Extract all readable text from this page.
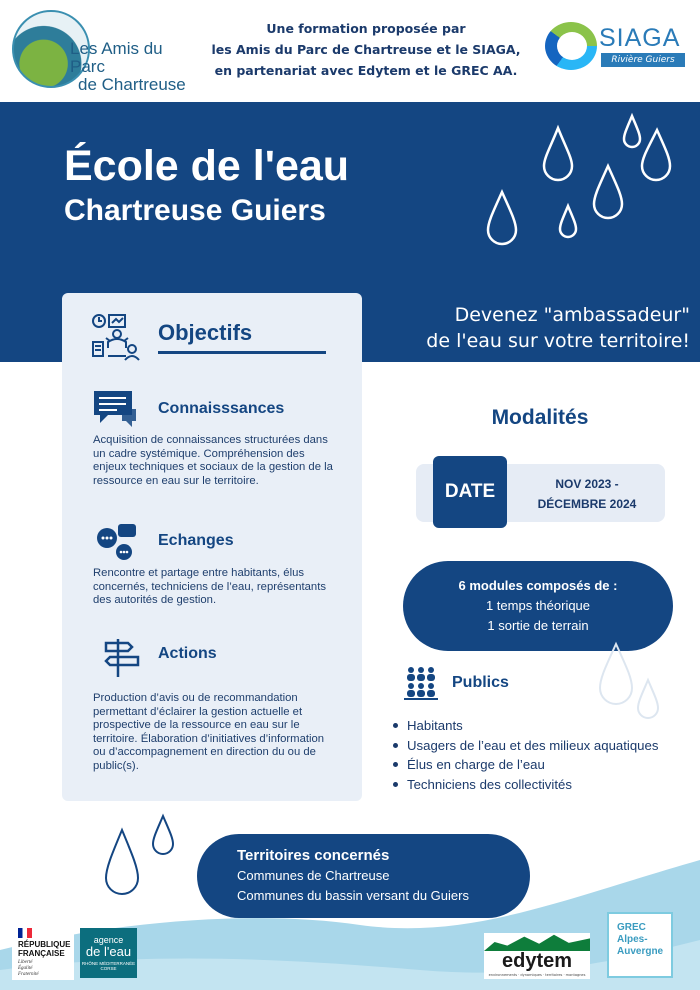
Les Amis du Parc
de Chartreuse
Une formation proposée par
les Amis du Parc de Chartreuse et le SIAGA,
en partenariat avec Edytem et le GREC AA.
SIAGA
Rivière Guiers
École de l'eau
Chartreuse Guiers
Devenez "ambassadeur"
de l'eau sur votre territoire!
Objectifs
Connaisssances
Acquisition de connaissances structurées dans un cadre systémique. Compréhension des enjeux techniques et sociaux de la gestion de la ressource en eau sur le territoire.
Echanges
Rencontre et partage entre habitants, élus concernés, techniciens de l’eau, représentants des autorités de gestion.
Actions
Production d’avis ou de recommandation permettant d’éclairer la gestion actuelle et prospective de la ressource en eau sur le territoire. Élaboration d’initiatives d’information ou d’accompagnement en direction du ou de public(s).
Modalités
DATE	NOV 2023 -
DÉCEMBRE 2024
6 modules composés de :
1 temps théorique
1 sortie de terrain
Publics
Habitants
Usagers de l’eau et des milieux aquatiques
Élus en charge de l’eau
Techniciens des collectivités
Territoires concernés
Communes de Chartreuse
Communes du bassin versant du Guiers
RÉPUBLIQUE
FRANÇAISE
Liberté
Égalité
Fraternité
agence
de l'eau
RHÔNE MÉDITERRANÉE CORSE	edytem
environnements · dynamiques · territoires · montagnes
GREC
Alpes-
Auvergne
